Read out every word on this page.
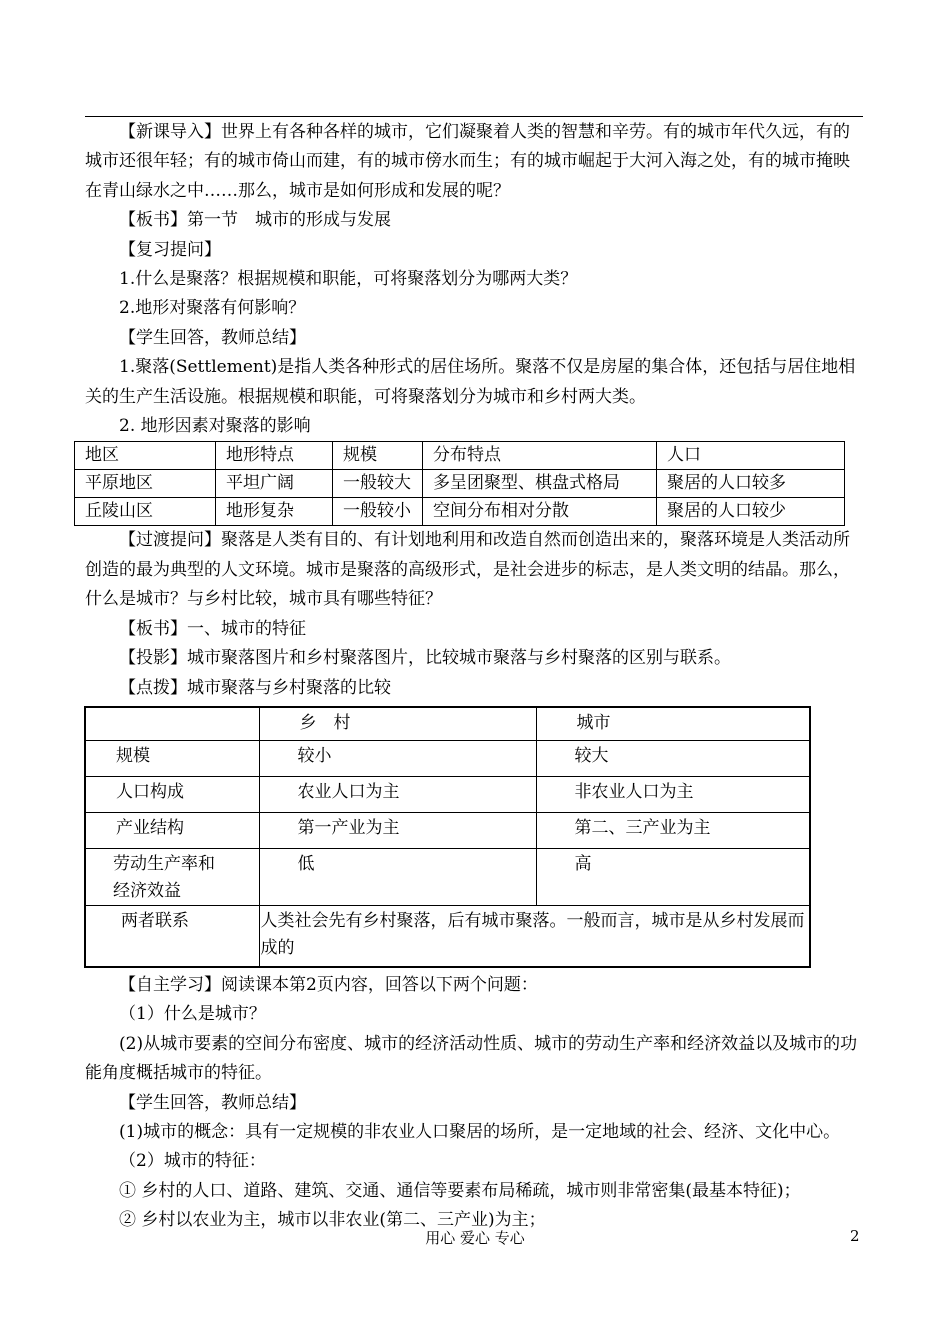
【新课导入】世界上有各种各样的城市，它们凝聚着人类的智慧和辛劳。有的城市年代久远，有的城市还很年轻；有的城市倚山而建，有的城市傍水而生；有的城市崛起于大河入海之处，有的城市掩映在青山绿水之中……那么，城市是如何形成和发展的呢？

【板书】第一节　城市的形成与发展

【复习提问】

1.什么是聚落？根据规模和职能，可将聚落划分为哪两大类？

2.地形对聚落有何影响？

【学生回答，教师总结】

1.聚落(Settlement)是指人类各种形式的居住场所。聚落不仅是房屋的集合体，还包括与居住地相关的生产生活设施。根据规模和职能，可将聚落划分为城市和乡村两大类。

2. 地形因素对聚落的影响

地区	地形特点	规模	分布特点	人口
平原地区	平坦广阔	一般较大	多呈团聚型、棋盘式格局	聚居的人口较多
丘陵山区	地形复杂	一般较小	空间分布相对分散	聚居的人口较少

【过渡提问】聚落是人类有目的、有计划地利用和改造自然而创造出来的，聚落环境是人类活动所创造的最为典型的人文环境。城市是聚落的高级形式，是社会进步的标志，是人类文明的结晶。那么，什么是城市？与乡村比较，城市具有哪些特征？

【板书】一、城市的特征

【投影】城市聚落图片和乡村聚落图片，比较城市聚落与乡村聚落的区别与联系。

【点拨】城市聚落与乡村聚落的比较

	乡　村	城市
规模	较小	较大
人口构成	农业人口为主	非农业人口为主
产业结构	第一产业为主	第二、三产业为主
劳动生产率和经济效益	低	高
两者联系	人类社会先有乡村聚落，后有城市聚落。一般而言，城市是从乡村发展而成的	

【自主学习】阅读课本第2页内容，回答以下两个问题：

（1）什么是城市？

(2)从城市要素的空间分布密度、城市的经济活动性质、城市的劳动生产率和经济效益以及城市的功能角度概括城市的特征。

【学生回答，教师总结】

(1)城市的概念：具有一定规模的非农业人口聚居的场所，是一定地域的社会、经济、文化中心。

（2）城市的特征：

① 乡村的人口、道路、建筑、交通、通信等要素布局稀疏，城市则非常密集(最基本特征)；

② 乡村以农业为主，城市以非农业(第二、三产业)为主；

用心 爱心 专心	2
